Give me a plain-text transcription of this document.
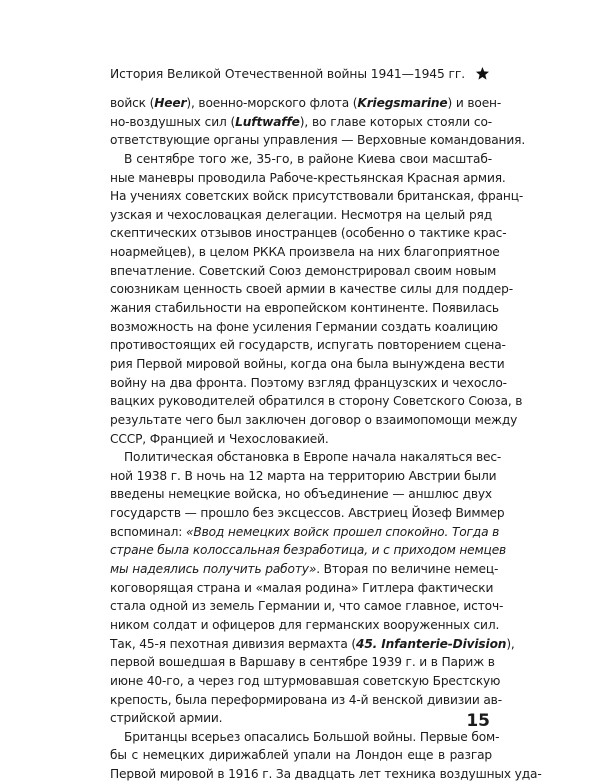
История Великой Отечественной войны 1941—1945 гг.
войск (Heer), военно-морского флота (Kriegsmarine) и воен-
но-воздушных сил (Luftwaffe), во главе которых стояли со-
ответствующие органы управления — Верховные командования.
В сентябре того же, 35-го, в районе Киева свои масштаб-
ные маневры проводила Рабоче-крестьянская Красная армия.
На учениях советских войск присутствовали британская, франц-
узская и чехословацкая делегации. Несмотря на целый ряд
скептических отзывов иностранцев (особенно о тактике крас-
ноармейцев), в целом РККА произвела на них благоприятное
впечатление. Советский Союз демонстрировал своим новым
союзникам ценность своей армии в качестве силы для поддер-
жания стабильности на европейском континенте. Появилась
возможность на фоне усиления Германии создать коалицию
противостоящих ей государств, испугать повторением сцена-
рия Первой мировой войны, когда она была вынуждена вести
войну на два фронта. Поэтому взгляд французских и чехосло-
вацких руководителей обратился в сторону Советского Союза, в
результате чего был заключен договор о взаимопомощи между
СССР, Францией и Чехословакией.
Политическая обстановка в Европе начала накаляться вес-
ной 1938 г. В ночь на 12 марта на территорию Австрии были
введены немецкие войска, но объединение — аншлюс двух
государств — прошло без эксцессов. Австриец Йозеф Виммер
вспоминал: «Ввод немецких войск прошел спокойно. Тогда в
стране была колоссальная безработица, и с приходом немцев
мы надеялись получить работу». Вторая по величине немец-
коговорящая страна и «малая родина» Гитлера фактически
стала одной из земель Германии и, что самое главное, источ-
ником солдат и офицеров для германских вооруженных сил.
Так, 45-я пехотная дивизия вермахта (45. Infanterie-Division),
первой вошедшая в Варшаву в сентябре 1939 г. и в Париж в
июне 40-го, а через год штурмовавшая советскую Брестскую
крепость, была переформирована из 4-й венской дивизии ав-
стрийской армии.
Британцы всерьез опасались Большой войны. Первые бом-
бы с немецких дирижаблей упали на Лондон еще в разгар
Первой мировой в 1916 г. За двадцать лет техника воздушных уда-
15
